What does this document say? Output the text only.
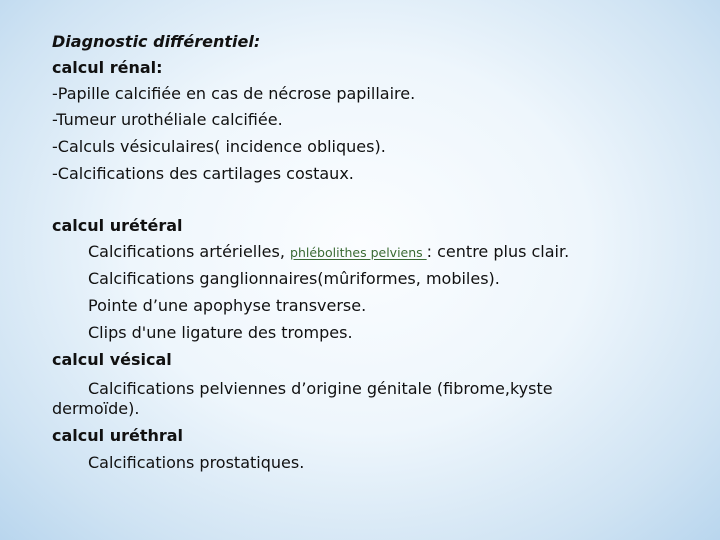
Diagnostic différentiel:
calcul rénal:
-Papille calcifiée en cas de nécrose papillaire.
-Tumeur urothéliale calcifiée.
-Calculs vésiculaires( incidence obliques).
-Calcifications des cartilages costaux.
calcul urétéral
Calcifications artérielles, phlébolithes pelviens : centre plus clair.
Calcifications ganglionnaires(mûriformes, mobiles).
Pointe d’une apophyse transverse.
Clips d'une ligature des trompes.
calcul vésical
Calcifications pelviennes d’origine génitale (fibrome,kyste
dermoïde).
calcul uréthral
Calcifications prostatiques.
